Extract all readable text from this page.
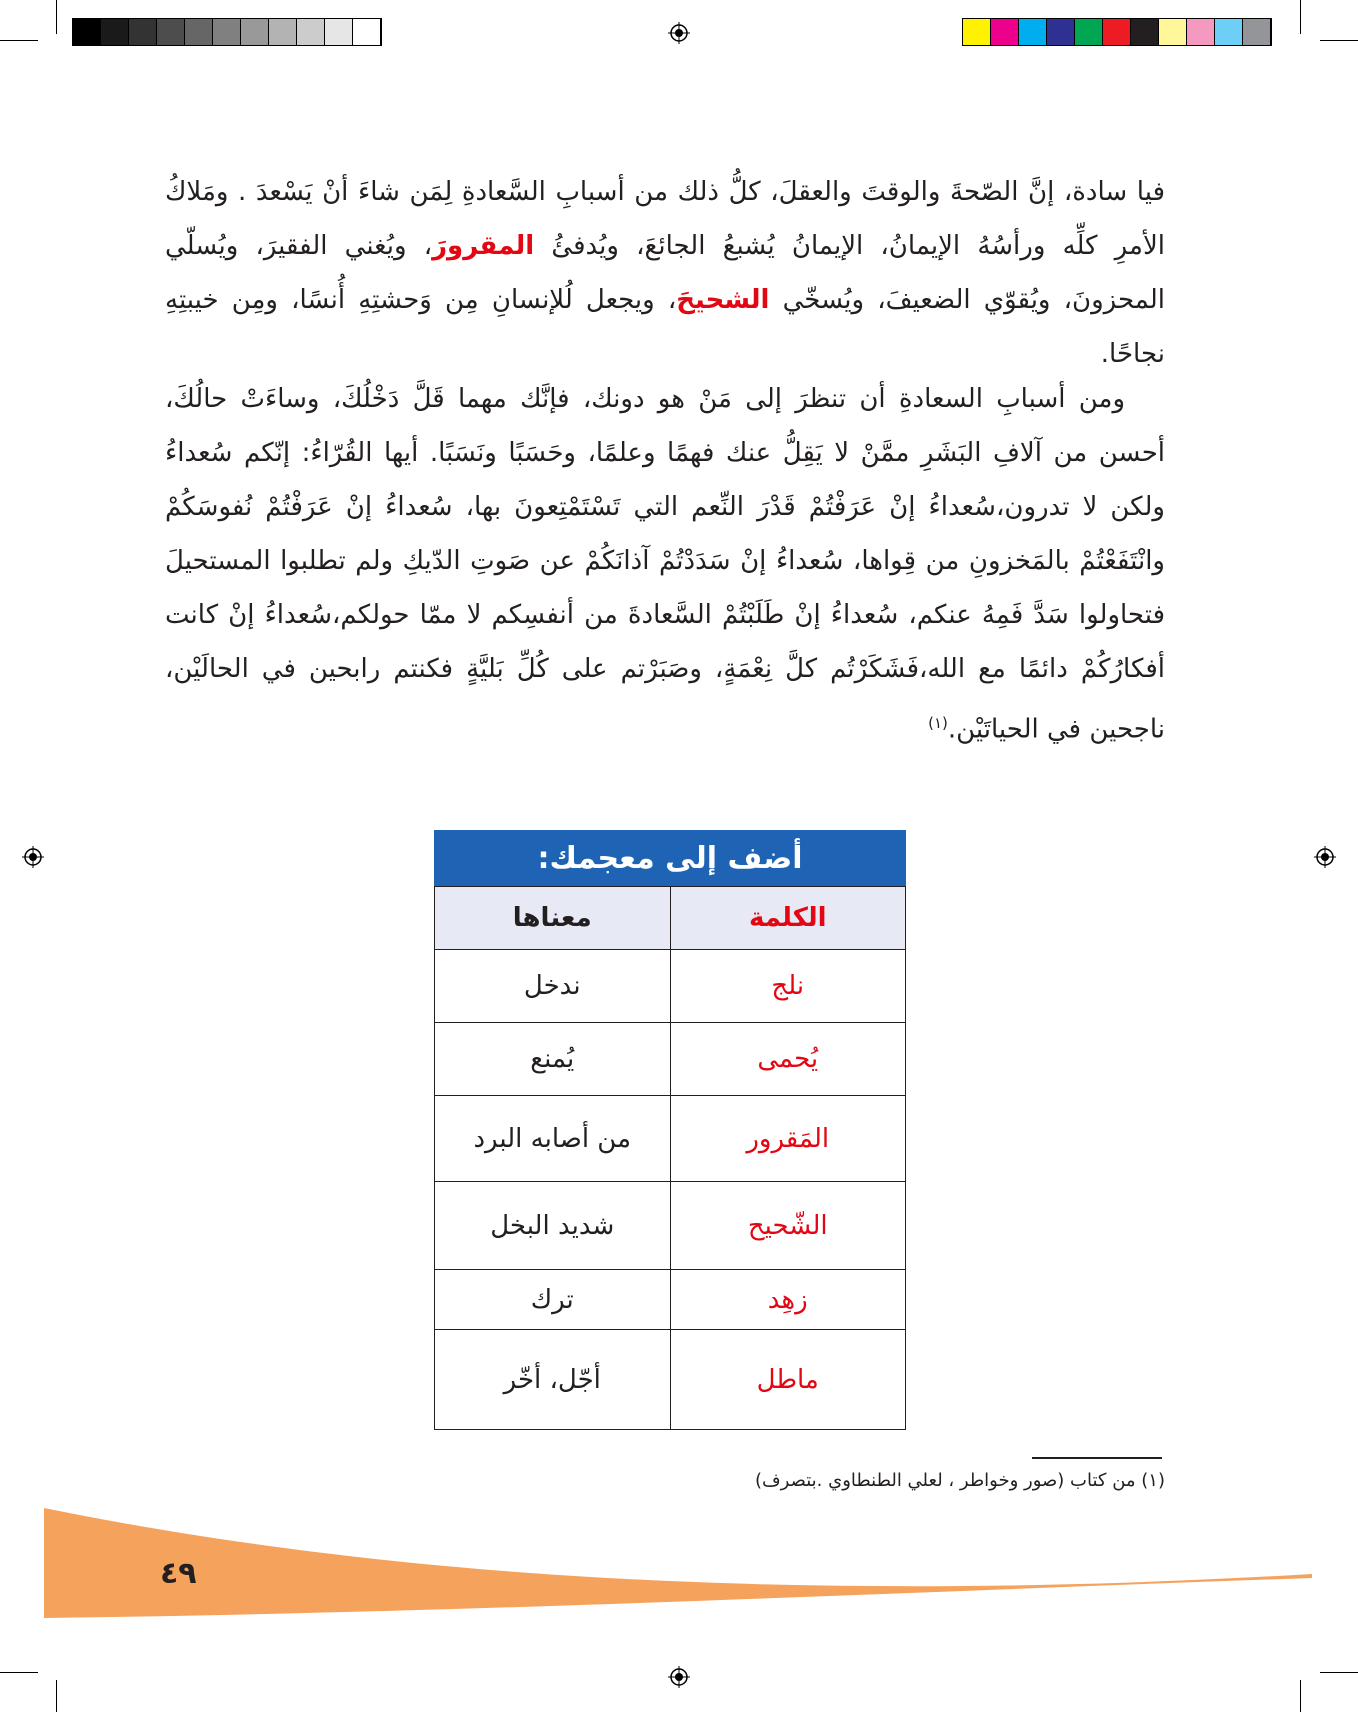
فيا سادة، إنَّ الصّحةَ والوقتَ والعقلَ، كلُّ ذلك من أسبابِ السَّعادةِ لِمَن شاءَ أنْ يَسْعدَ . ومَلاكُ الأمرِ كلِّه ورأسُهُ الإيمانُ، الإيمانُ يُشبعُ الجائعَ، ويُدفئُ المقرورَ، ويُغني الفقيرَ، ويُسلّي المحزونَ، ويُقوّي الضعيفَ، ويُسخّي الشحيحَ، ويجعل لُلإنسانِ مِن وَحشتِهِ أُنسًا، ومِن خيبتِهِ نجاحًا.
ومن أسبابِ السعادةِ أن تنظرَ إلى مَنْ هو دونك، فإنَّك مهما قَلَّ دَخْلُكَ، وساءَتْ حالُكَ، أحسن من آلافِ البَشَرِ ممَّنْ لا يَقِلُّ عنك فهمًا وعلمًا، وحَسَبًا ونَسَبًا. أيها القُرّاءُ: إنّكم سُعداءُ ولكن لا تدرون،سُعداءُ إنْ عَرَفْتُمْ قَدْرَ النِّعم التي تَسْتَمْتِعونَ بها، سُعداءُ إنْ عَرَفْتُمْ نُفوسَكُمْ وانْتَفَعْتُمْ بالمَخزونِ من قِواها، سُعداءُ إنْ سَدَدْتُمْ آذانَكُمْ عن صَوتِ الدّيكِ ولم تطلبوا المستحيلَ فتحاولوا سَدَّ فَمِهُ عنكم، سُعداءُ إنْ طَلَبْتُمْ السَّعادةَ من أنفسِكم لا ممّا حولكم،سُعداءُ إنْ كانت أفكارُكُمْ دائمًا مع الله،فَشَكَرْتُم كلَّ نِعْمَةٍ، وصَبَرْتم على كُلِّ بَليَّةٍ فكنتم رابحين في الحالَيْن، ناجحين في الحياتَيْن.$^{(١)}$
أضف إلى معجمك:
الكلمة	معناها
نلج	ندخل
يُحمى	يُمنع
المَقرور	من أصابه البرد
الشّحيح	شديد البخل
زهِد	ترك
ماطل	أجّل، أخّر
(١) من كتاب (صور وخواطر ، لعلي الطنطاوي .بتصرف)
٤٩
